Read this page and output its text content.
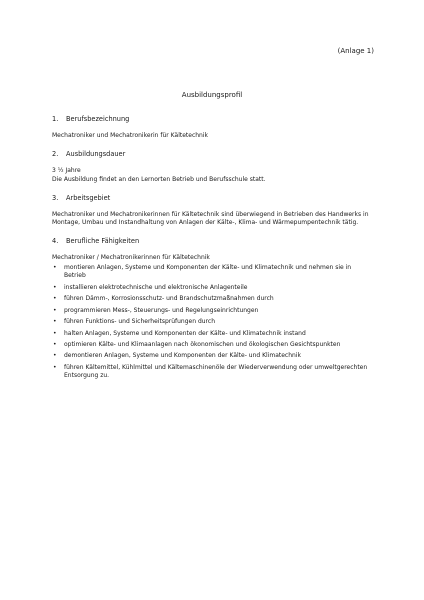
(Anlage 1)
Ausbildungsprofil
1. Berufsbezeichnung

Mechatroniker und Mechatronikerin für Kältetechnik

2. Ausbildungsdauer

3 ½ Jahre

Die Ausbildung findet an den Lernorten Betrieb und Berufsschule statt.

3. Arbeitsgebiet

Mechatroniker und Mechatronikerinnen für Kältetechnik sind überwiegend in Betrieben des Handwerks in Montage, Umbau und Instandhaltung von Anlagen der Kälte-, Klima- und Wärmepumpentechnik tätig.

4. Berufliche Fähigkeiten

Mechatroniker / Mechatronikerinnen für Kältetechnik

• montieren Anlagen, Systeme und Komponenten der Kälte- und Klimatechnik und nehmen sie in Betrieb
• installieren elektrotechnische und elektronische Anlagenteile
• führen Dämm-, Korrosionsschutz- und Brandschutzmaßnahmen durch
• programmieren Mess-, Steuerungs- und Regelungseinrichtungen
• führen Funktions- und Sicherheitsprüfungen durch
• halten Anlagen, Systeme und Komponenten der Kälte- und Klimatechnik instand
• optimieren Kälte- und Klimaanlagen nach ökonomischen und ökologischen Gesichtspunkten
• demontieren Anlagen, Systeme und Komponenten der Kälte- und Klimatechnik
• führen Kältemittel, Kühlmittel und Kältemaschinenöle der Wiederverwendung oder umweltgerechten Entsorgung zu.
